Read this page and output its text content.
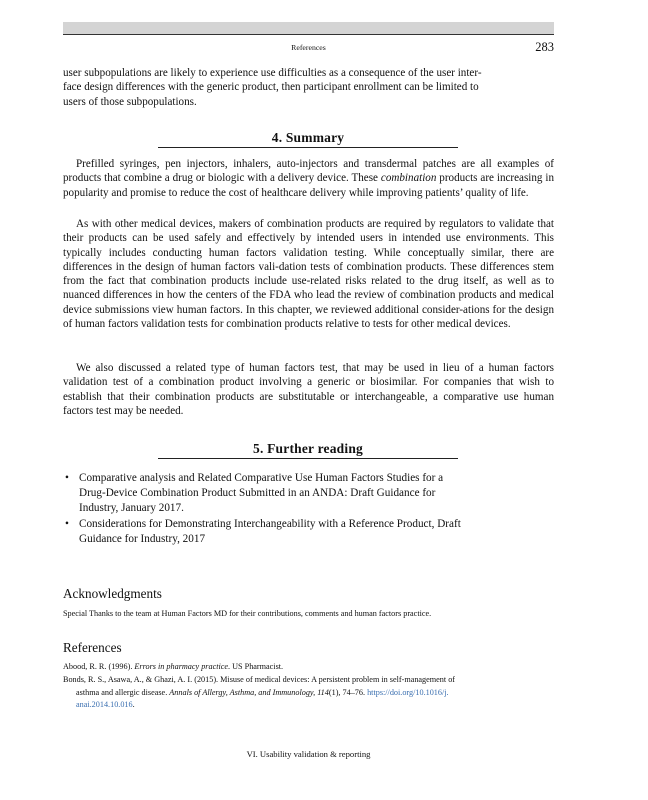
References	283

user subpopulations are likely to experience use difficulties as a consequence of the user inter-
face design differences with the generic product, then participant enrollment can be limited to
users of those subpopulations.

4. Summary

Prefilled syringes, pen injectors, inhalers, auto-injectors and transdermal patches are all examples of products that combine a drug or biologic with a delivery device. These combination products are increasing in popularity and promise to reduce the cost of healthcare delivery while improving patients’ quality of life.

As with other medical devices, makers of combination products are required by regulators to validate that their products can be used safely and effectively by intended users in intended use environments. This typically includes conducting human factors validation testing. While conceptually similar, there are differences in the design of human factors vali-dation tests of combination products. These differences stem from the fact that combination products include use-related risks related to the drug itself, as well as to nuanced differences in how the centers of the FDA who lead the review of combination products and medical device submissions view human factors. In this chapter, we reviewed additional consider-ations for the design of human factors validation tests for combination products relative to tests for other medical devices.

We also discussed a related type of human factors test, that may be used in lieu of a human factors validation test of a combination product involving a generic or biosimilar. For companies that wish to establish that their combination products are substitutable or interchangeable, a comparative use human factors test may be needed.

5. Further reading
• Comparative analysis and Related Comparative Use Human Factors Studies for a
Drug-Device Combination Product Submitted in an ANDA: Draft Guidance for
Industry, January 2017.
• Considerations for Demonstrating Interchangeability with a Reference Product, Draft
Guidance for Industry, 2017
Acknowledgments

Special Thanks to the team at Human Factors MD for their contributions, comments and human factors practice.

References

Abood, R. R. (1996). Errors in pharmacy practice. US Pharmacist.

Bonds, R. S., Asawa, A., & Ghazi, A. I. (2015). Misuse of medical devices: A persistent problem in self-management of
asthma and allergic disease. Annals of Allergy, Asthma, and Immunology, 114(1), 74–76. https://doi.org/10.1016/j.
anai.2014.10.016.

VI. Usability validation & reporting
